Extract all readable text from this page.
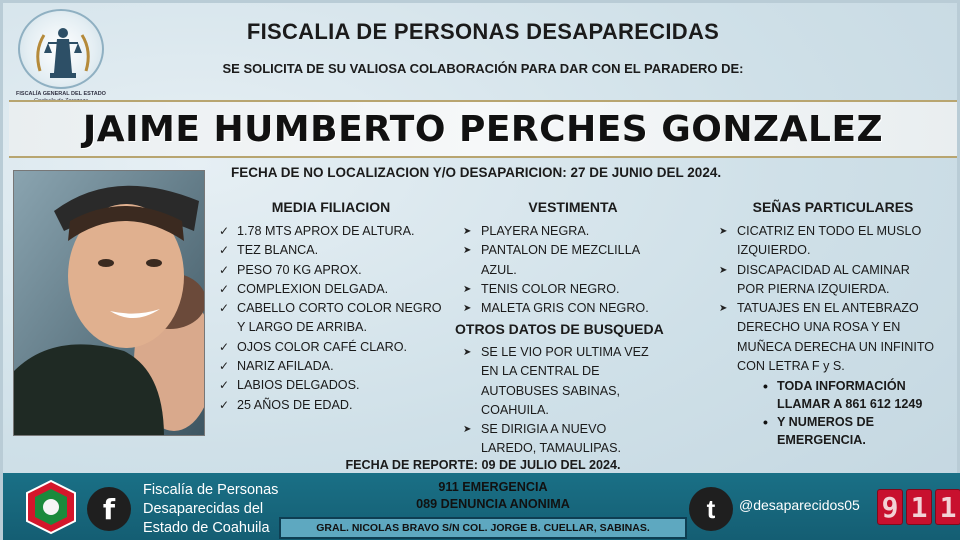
FISCALÍA GENERAL DEL ESTADO
FISCALIA DE PERSONAS DESAPARECIDAS
SE SOLICITA DE SU VALIOSA COLABORACIÓN PARA DAR CON EL PARADERO DE:
JAIME HUMBERTO PERCHES GONZALEZ
FECHA DE NO LOCALIZACION Y/O DESAPARICION: 27 DE JUNIO DEL 2024.
MEDIA FILIACION
✓ 1.78 MTS APROX DE ALTURA.
✓ TEZ BLANCA.
✓ PESO 70 KG APROX.
✓ COMPLEXION DELGADA.
✓ CABELLO CORTO COLOR NEGRO Y LARGO DE ARRIBA.
✓ OJOS COLOR CAFÉ CLARO.
✓ NARIZ AFILADA.
✓ LABIOS DELGADOS.
✓ 25 AÑOS DE EDAD.
VESTIMENTA
➤ PLAYERA NEGRA.
➤ PANTALON DE MEZCLILLA AZUL.
➤ TENIS COLOR NEGRO.
➤ MALETA GRIS CON NEGRO.
OTROS DATOS DE BUSQUEDA
➤ SE LE VIO POR ULTIMA VEZ EN LA CENTRAL DE AUTOBUSES SABINAS, COAHUILA.
➤ SE DIRIGIA A NUEVO LAREDO, TAMAULIPAS.
SEÑAS PARTICULARES
➤ CICATRIZ EN TODO EL MUSLO IZQUIERDO.
➤ DISCAPACIDAD AL CAMINAR POR PIERNA IZQUIERDA.
➤ TATUAJES EN EL ANTEBRAZO DERECHO UNA ROSA Y EN MUÑECA DERECHA UN INFINITO CON LETRA F y S.
• TODA INFORMACIÓN LLAMAR A 861 612 1249
• Y NUMEROS DE EMERGENCIA.
FECHA DE REPORTE: 09 DE JULIO DEL 2024.
f
Fiscalía de Personas Desaparecidas del Estado de Coahuila
911 EMERGENCIA
089 DENUNCIA ANONIMA
GRAL. NICOLAS BRAVO S/N COL. JORGE B. CUELLAR, SABINAS.
t	@desaparecidos05 9 1 1
